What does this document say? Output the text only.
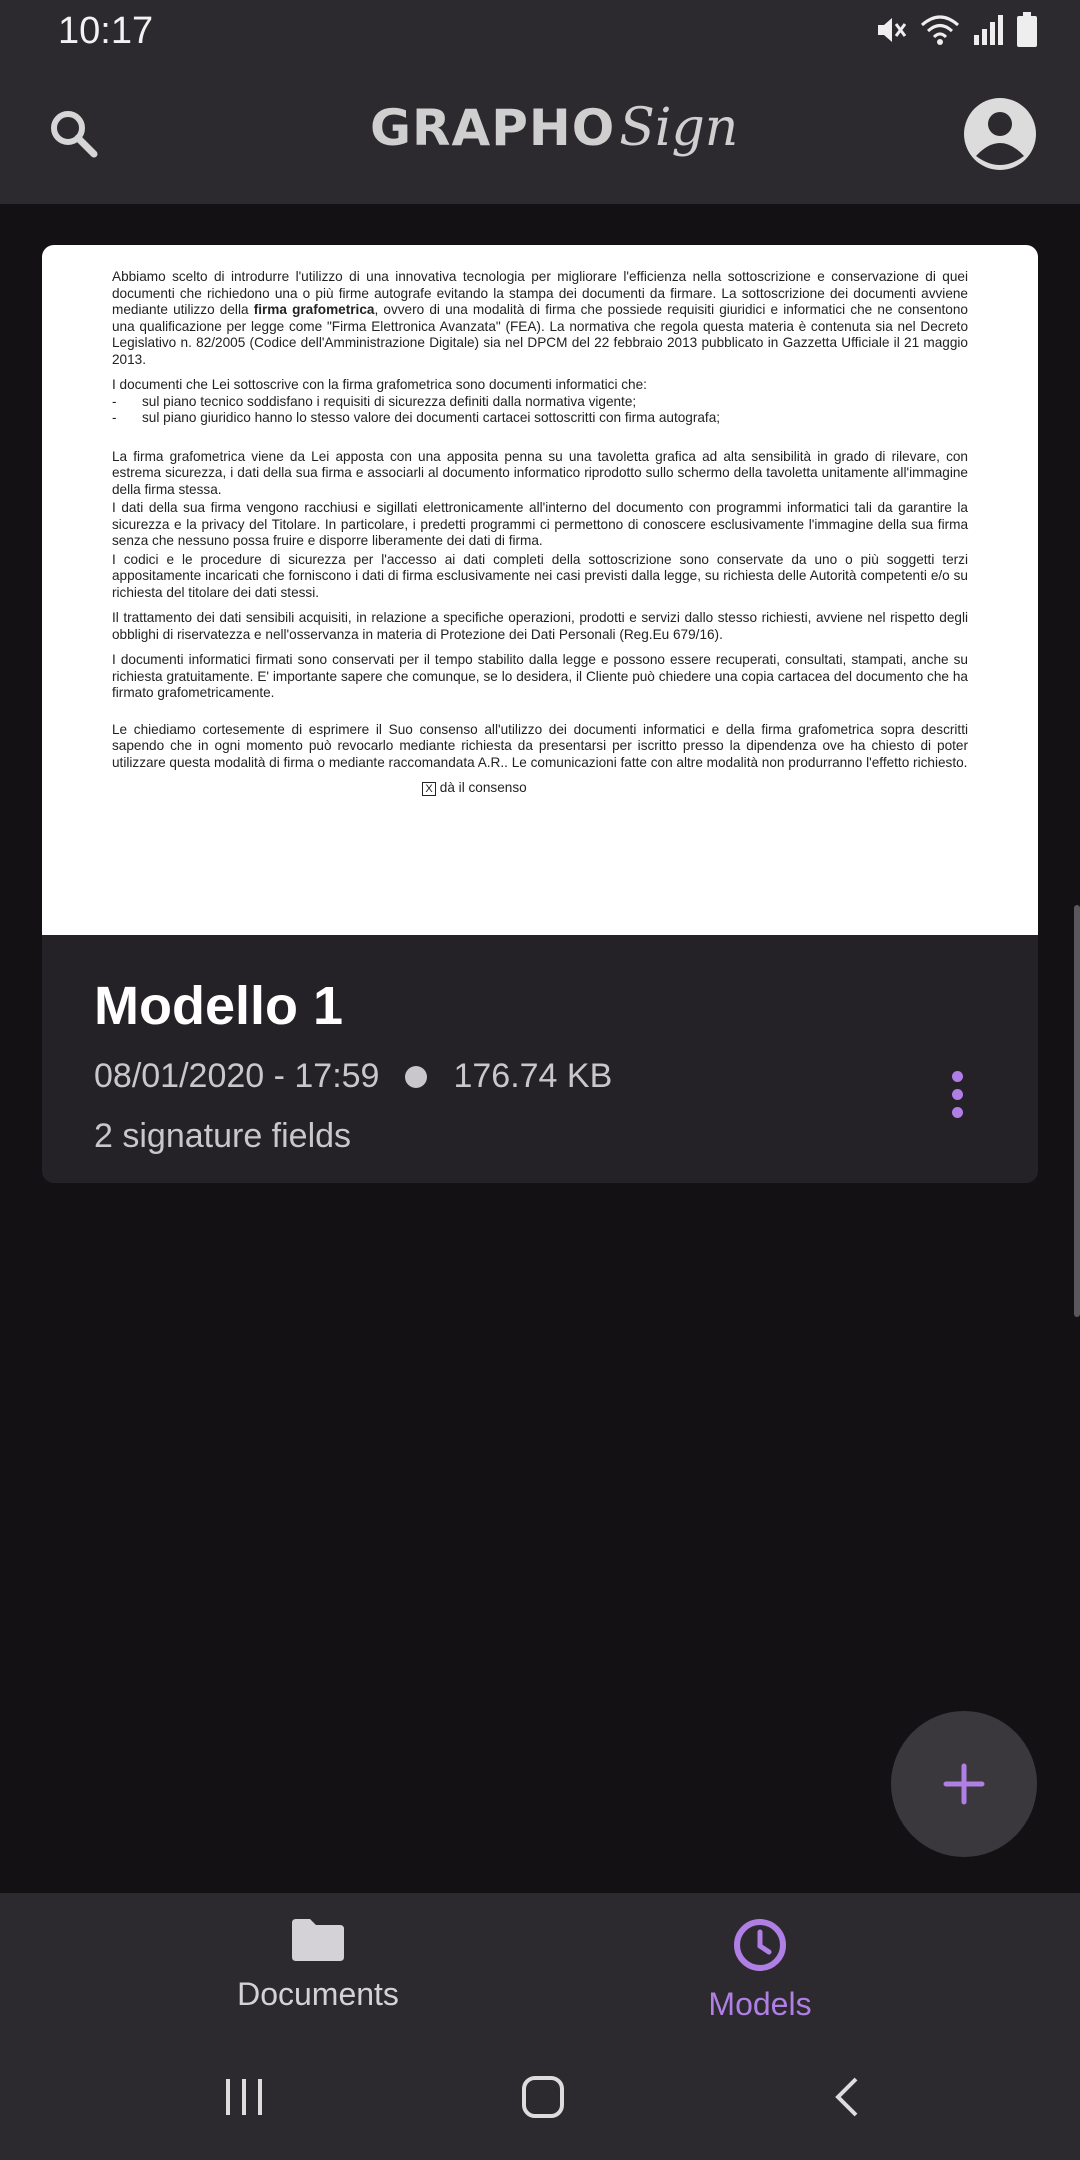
10:17
GRAPHO Sign

Abbiamo scelto di introdurre l'utilizzo di una innovativa tecnologia per migliorare l'efficienza nella sottoscrizione e conservazione di quei documenti che richiedono una o più firme autografe evitando la stampa dei documenti da firmare. La sottoscrizione dei documenti avviene mediante utilizzo della firma grafometrica, ovvero di una modalità di firma che possiede requisiti giuridici e informatici che ne consentono una qualificazione per legge come "Firma Elettronica Avanzata" (FEA). La normativa che regola questa materia è contenuta sia nel Decreto Legislativo n. 82/2005 (Codice dell'Amministrazione Digitale) sia nel DPCM del 22 febbraio 2013 pubblicato in Gazzetta Ufficiale il 21 maggio 2013.

I documenti che Lei sottoscrive con la firma grafometrica sono documenti informatici che:

- sul piano tecnico soddisfano i requisiti di sicurezza definiti dalla normativa vigente;
- sul piano giuridico hanno lo stesso valore dei documenti cartacei sottoscritti con firma autografa;

La firma grafometrica viene da Lei apposta con una apposita penna su una tavoletta grafica ad alta sensibilità in grado di rilevare, con estrema sicurezza, i dati della sua firma e associarli al documento informatico riprodotto sullo schermo della tavoletta unitamente all'immagine della firma stessa.

I dati della sua firma vengono racchiusi e sigillati elettronicamente all'interno del documento con programmi informatici tali da garantire la sicurezza e la privacy del Titolare. In particolare, i predetti programmi ci permettono di conoscere esclusivamente l'immagine della sua firma senza che nessuno possa fruire e disporre liberamente dei dati di firma.

I codici e le procedure di sicurezza per l'accesso ai dati completi della sottoscrizione sono conservate da uno o più soggetti terzi appositamente incaricati che forniscono i dati di firma esclusivamente nei casi previsti dalla legge, su richiesta delle Autorità competenti e/o su richiesta del titolare dei dati stessi.

Il trattamento dei dati sensibili acquisiti, in relazione a specifiche operazioni, prodotti e servizi dallo stesso richiesti, avviene nel rispetto degli obblighi di riservatezza e nell'osservanza in materia di Protezione dei Dati Personali (Reg.Eu 679/16).

I documenti informatici firmati sono conservati per il tempo stabilito dalla legge e possono essere recuperati, consultati, stampati, anche su richiesta gratuitamente. E' importante sapere che comunque, se lo desidera, il Cliente può chiedere una copia cartacea del documento che ha firmato grafometricamente.

Le chiediamo cortesemente di esprimere il Suo consenso all'utilizzo dei documenti informatici e della firma grafometrica sopra descritti sapendo che in ogni momento può revocarlo mediante richiesta da presentarsi per iscritto presso la dipendenza ove ha chiesto di poter utilizzare questa modalità di firma o mediante raccomandata A.R.. Le comunicazioni fatte con altre modalità non produrranno l'effetto richiesto.

X dà il consenso
Modello 1
08/01/2020 - 17:59 176.74 KB
2 signature fields
Documents	Models
